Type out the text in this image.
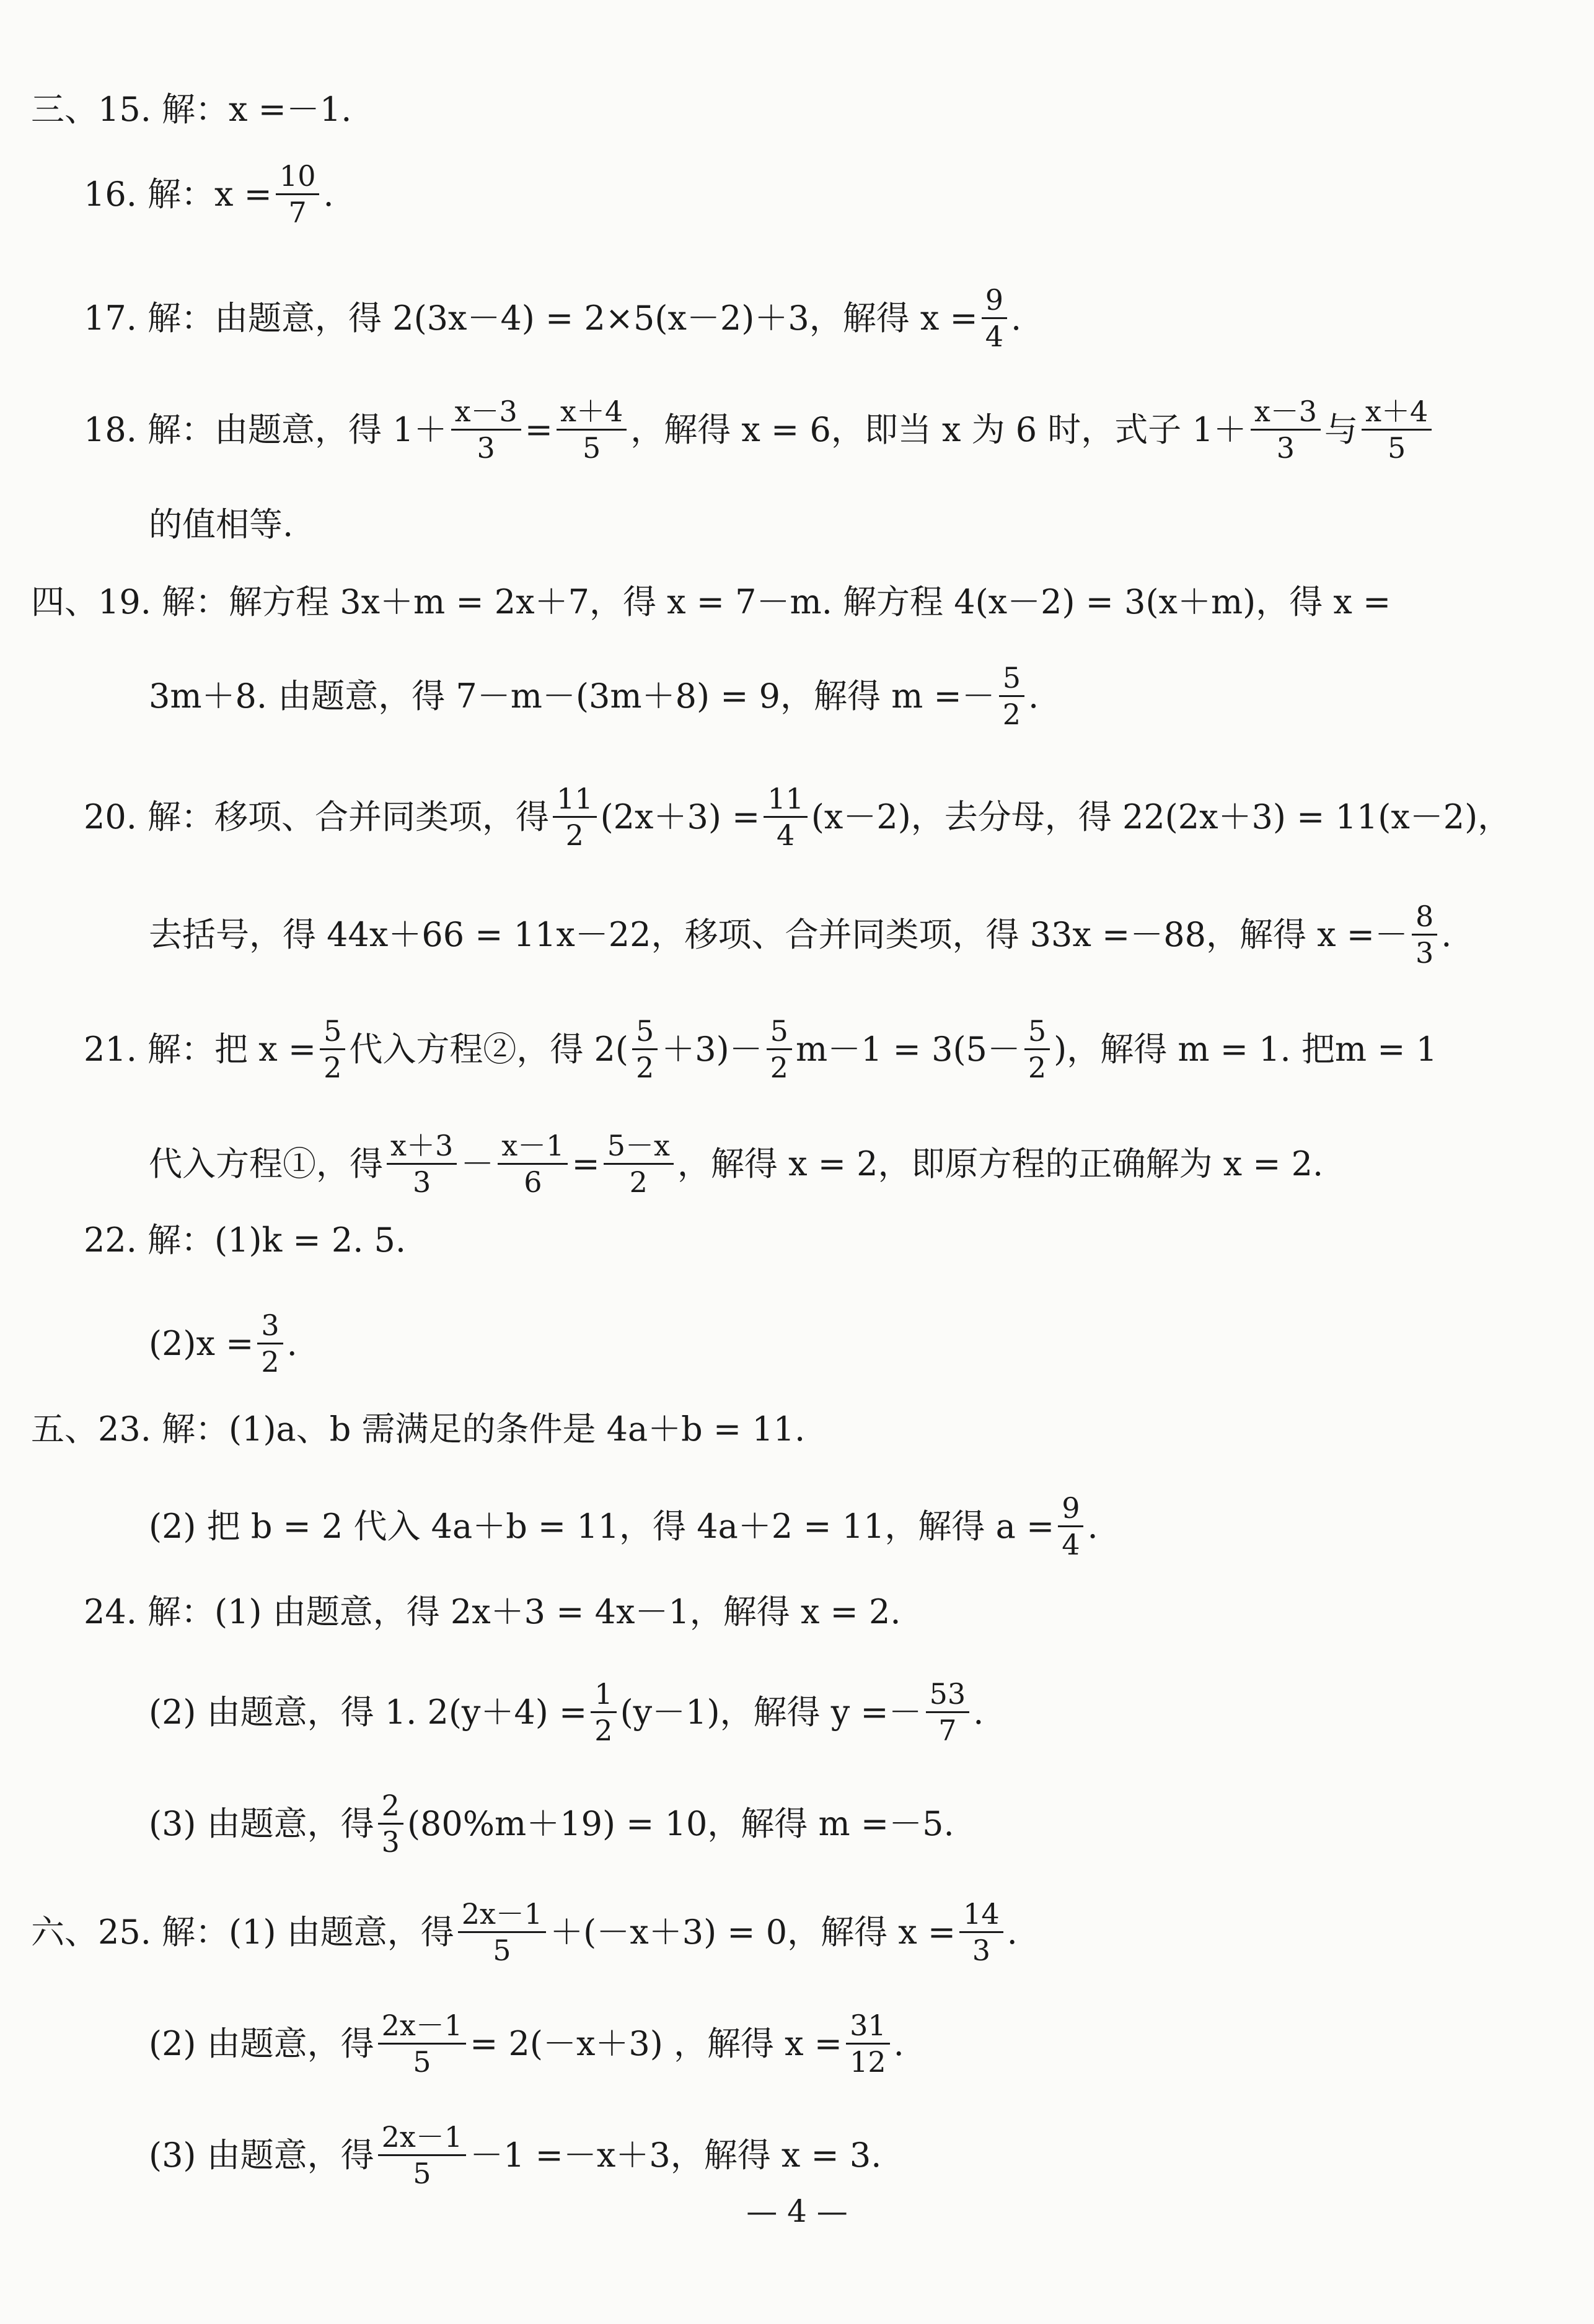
三、15. 解：x =－1.
16. 解：$x = \frac{10}{7}$ .
17. 解：由题意，得 2(3x－4) = 2×5(x－2)＋3，解得 $x = \frac{9}{4}$ .
18. 解：由题意，得 $1+ \frac{x-3}{3} = \frac{x+4}{5}$ ，解得 x = 6，即当 x 为 6 时，式子 $1+ \frac{x-3}{3}$ 与 $\frac{x+4}{5}$
的值相等.
四、19. 解：解方程 3x＋m = 2x＋7，得 x = 7－m. 解方程 4(x－2) = 3(x＋m)，得 x =
3m＋8. 由题意，得 7－m－(3m＋8) = 9，解得 $m =- \frac{5}{2}$ .
20. 解：移项、合并同类项，得 $\frac{11}{2} (2x+3) = \frac{11}{4} (x-2)$，去分母，得 22(2x＋3) = 11(x－2)，
去括号，得 44x＋66 = 11x－22，移项、合并同类项，得 33x =－88，解得 $x =- \frac{8}{3}$ .
21. 解：把 $x = \frac{5}{2}$ 代入方程②，得 $2( \frac{5}{2} +3)- \frac{5}{2} m-1 = 3(5- \frac{5}{2}$ )，解得 m = 1. 把m = 1
代入方程①，得 $\frac{x+3}{3} - \frac{x-1}{6} = \frac{5-x}{2}$ ，解得 x = 2，即原方程的正确解为 x = 2.
22. 解：(1)k = 2. 5.
$(2)x = \frac{3}{2}$ .
五、23. 解：(1)a、b 需满足的条件是 4a＋b = 11.
(2) 把 b = 2 代入 4a＋b = 11，得 4a＋2 = 11，解得 $a = \frac{9}{4}$ .
24. 解：(1) 由题意，得 2x＋3 = 4x－1，解得 x = 2.
(2) 由题意，得 1. $2(y+4) = \frac{1}{2} (y-1)$，解得 $y =- \frac{53}{7}$ .
(3) 由题意，得 $\frac{2}{3} (80\%m+19) = 10$，解得 m =－5.
六、25. 解：(1) 由题意，得 $\frac{2x-1}{5} +(-x+3) = 0$，解得 $x = \frac{14}{3}$ .
(2) 由题意，得 $\frac{2x-1}{5} = 2(-x+3)$ ，解得 $x = \frac{31}{12}$ .
(3) 由题意，得 $\frac{2x-1}{5} -1 =-x+3$，解得 x = 3.
— 4 —
